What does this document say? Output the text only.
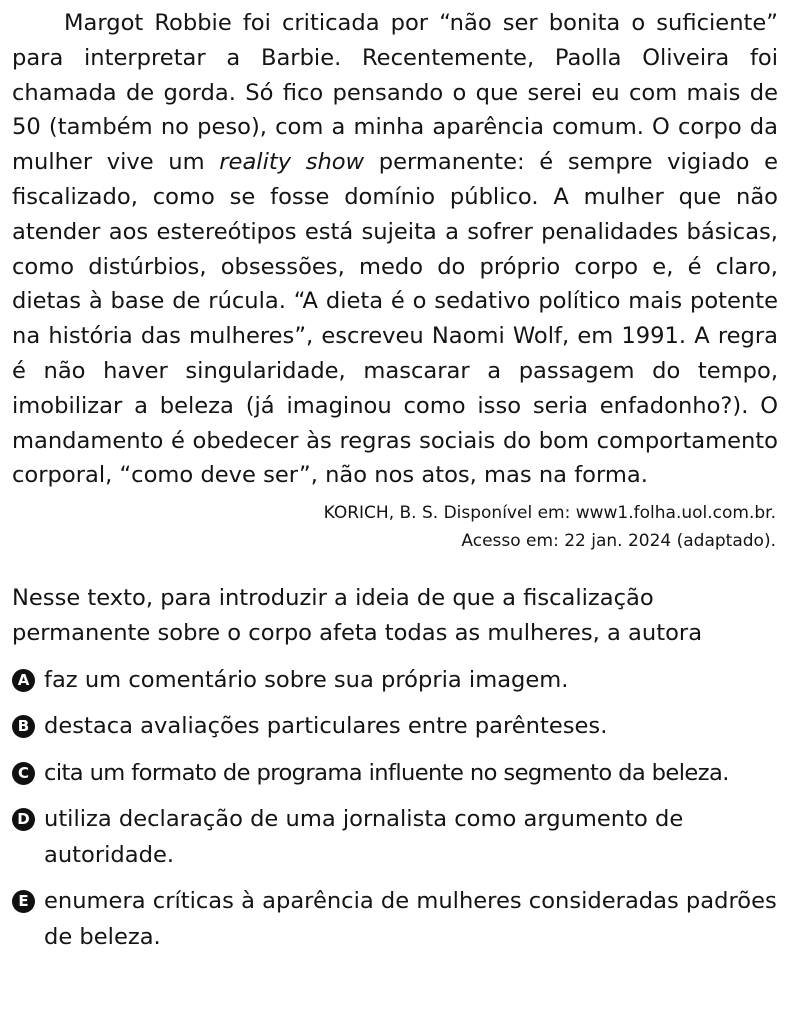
Margot Robbie foi criticada por “não ser bonita o suficiente” para interpretar a Barbie. Recentemente, Paolla Oliveira foi chamada de gorda. Só fico pensando o que serei eu com mais de 50 (também no peso), com a minha aparência comum. O corpo da mulher vive um reality show permanente: é sempre vigiado e fiscalizado, como se fosse domínio público. A mulher que não atender aos estereótipos está sujeita a sofrer penalidades básicas, como distúrbios, obsessões, medo do próprio corpo e, é claro, dietas à base de rúcula. “A dieta é o sedativo político mais potente na história das mulheres”, escreveu Naomi Wolf, em 1991. A regra é não haver singularidade, mascarar a passagem do tempo, imobilizar a beleza (já imaginou como isso seria enfadonho?). O mandamento é obedecer às regras sociais do bom comportamento corporal, “como deve ser”, não nos atos, mas na forma.

KORICH, B. S. Disponível em: www1.folha.uol.com.br.
Acesso em: 22 jan. 2024 (adaptado).

Nesse texto, para introduzir a ideia de que a fiscalização permanente sobre o corpo afeta todas as mulheres, a autora

A faz um comentário sobre sua própria imagem.
B destaca avaliações particulares entre parênteses.
C cita um formato de programa influente no segmento da beleza.
D utiliza declaração de uma jornalista como argumento de autoridade.
E enumera críticas à aparência de mulheres consideradas padrões de beleza.
